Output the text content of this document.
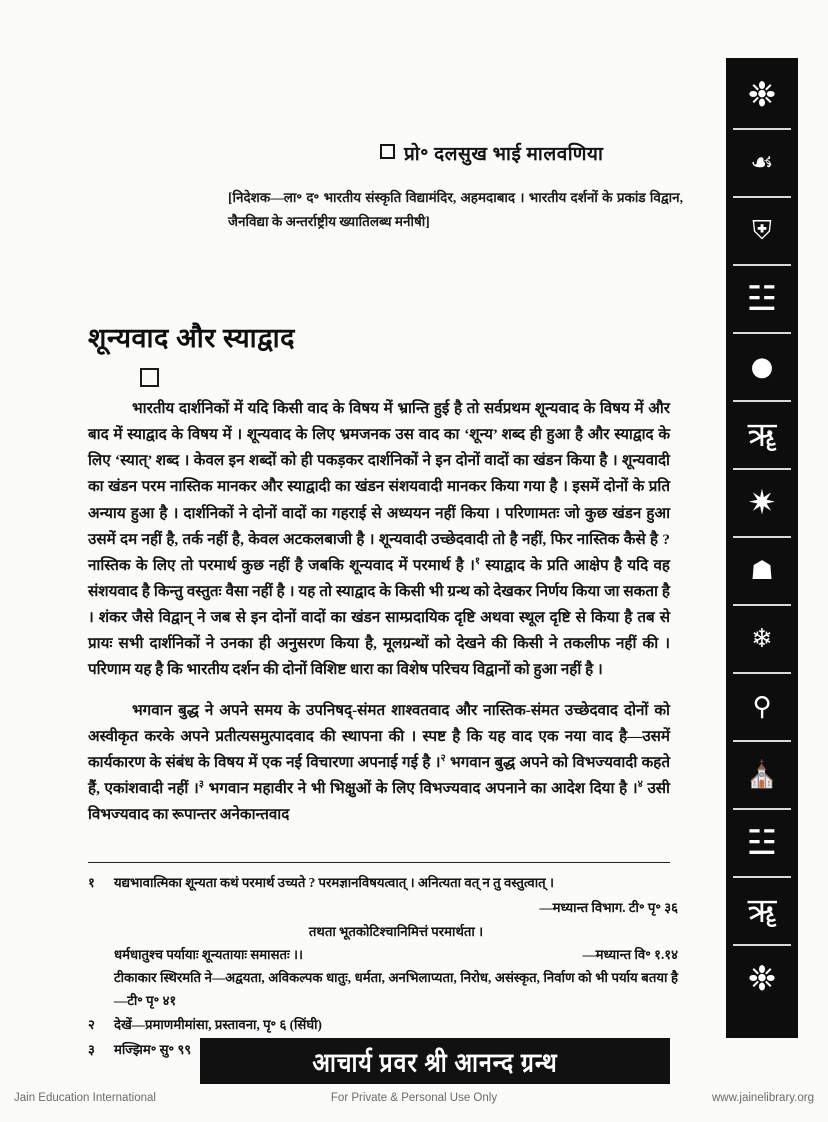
प्रो॰ दलसुख भाई मालवणिया
[निदेशक—ला॰ द॰ भारतीय संस्कृति विद्यामंदिर, अहमदाबाद । भारतीय दर्शनों के प्रकांड विद्वान, जैनविद्या के अन्तर्राष्ट्रीय ख्यातिलब्ध मनीषी]
शून्यवाद और स्याद्वाद

भारतीय दार्शनिकों में यदि किसी वाद के विषय में भ्रान्ति हुई है तो सर्वप्रथम शून्यवाद के विषय में और बाद में स्याद्वाद के विषय में । शून्यवाद के लिए भ्रमजनक उस वाद का ‘शून्य’ शब्द ही हुआ है और स्याद्वाद के लिए ‘स्यात्’ शब्द । केवल इन शब्दों को ही पकड़कर दार्शनिकों ने इन दोनों वादों का खंडन किया है । शून्यवादी का खंडन परम नास्तिक मानकर और स्याद्वादी का खंडन संशयवादी मानकर किया गया है । इसमें दोनों के प्रति अन्याय हुआ है । दार्शनिकों ने दोनों वादों का गहराई से अध्ययन नहीं किया । परिणामतः जो कुछ खंडन हुआ उसमें दम नहीं है, तर्क नहीं है, केवल अटकलबाजी है । शून्यवादी उच्छेदवादी तो है नहीं, फिर नास्तिक कैसे है ? नास्तिक के लिए तो परमार्थ कुछ नहीं है जबकि शून्यवाद में परमार्थ है ।$^१$ स्याद्वाद के प्रति आक्षेप है यदि वह संशयवाद है किन्तु वस्तुतः वैसा नहीं है । यह तो स्याद्वाद के किसी भी ग्रन्थ को देखकर निर्णय किया जा सकता है । शंकर जैसे विद्वान् ने जब से इन दोनों वादों का खंडन साम्प्रदायिक दृष्टि अथवा स्थूल दृष्टि से किया है तब से प्रायः सभी दार्शनिकों ने उनका ही अनुसरण किया है, मूलग्रन्थों को देखने की किसी ने तकलीफ नहीं की । परिणाम यह है कि भारतीय दर्शन की दोनों विशिष्ट धारा का विशेष परिचय विद्वानों को हुआ नहीं है ।

भगवान बुद्ध ने अपने समय के उपनिषद्-संमत शाश्वतवाद और नास्तिक-संमत उच्छेदवाद दोनों को अस्वीकृत करके अपने प्रतीत्यसमुत्पादवाद की स्थापना की । स्पष्ट है कि यह वाद एक नया वाद है—उसमें कार्यकारण के संबंध के विषय में एक नई विचारणा अपनाई गई है ।$^२$ भगवान बुद्ध अपने को विभज्यवादी कहते हैं, एकांशवादी नहीं ।$^३$ भगवान महावीर ने भी भिक्षुओं के लिए विभज्यवाद अपनाने का आदेश दिया है ।$^४$ उसी विभज्यवाद का रूपान्तर अनेकान्तवाद

१	यद्यभावात्मिका शून्यता कथं परमार्थ उच्यते ? परमज्ञानविषयत्वात् । अनित्यता वत् न तु वस्तुत्वात् ।
—मध्यान्त विभाग. टी॰ पृ॰ ३६
तथता भूतकोटिश्चानिमित्तं परमार्थता ।
धर्मधातुश्च पर्यायाः शून्यतायाः समासतः ।।	—मध्यान्त वि॰ १.१४
टीकाकार स्थिरमति ने—अद्वयता, अविकल्पक धातुः, धर्मता, अनभिलाप्यता, निरोध, असंस्कृत, निर्वाण को भी पर्याय बतया है—टी॰ पृ॰ ४१
२	देखें—प्रमाणमीमांसा, प्रस्तावना, पृ॰ ६ (सिंघी)
३	मज्झिम॰ सु॰ ९९
❉
☙
⛨
☳
●
ॠ
✷
☗
❄
⚲
⛪
☳
ॠ
❉
आचार्य प्रवर श्री आनन्द ग्रन्थ
Jain Education International	For Private & Personal Use Only	www.jainelibrary.org
